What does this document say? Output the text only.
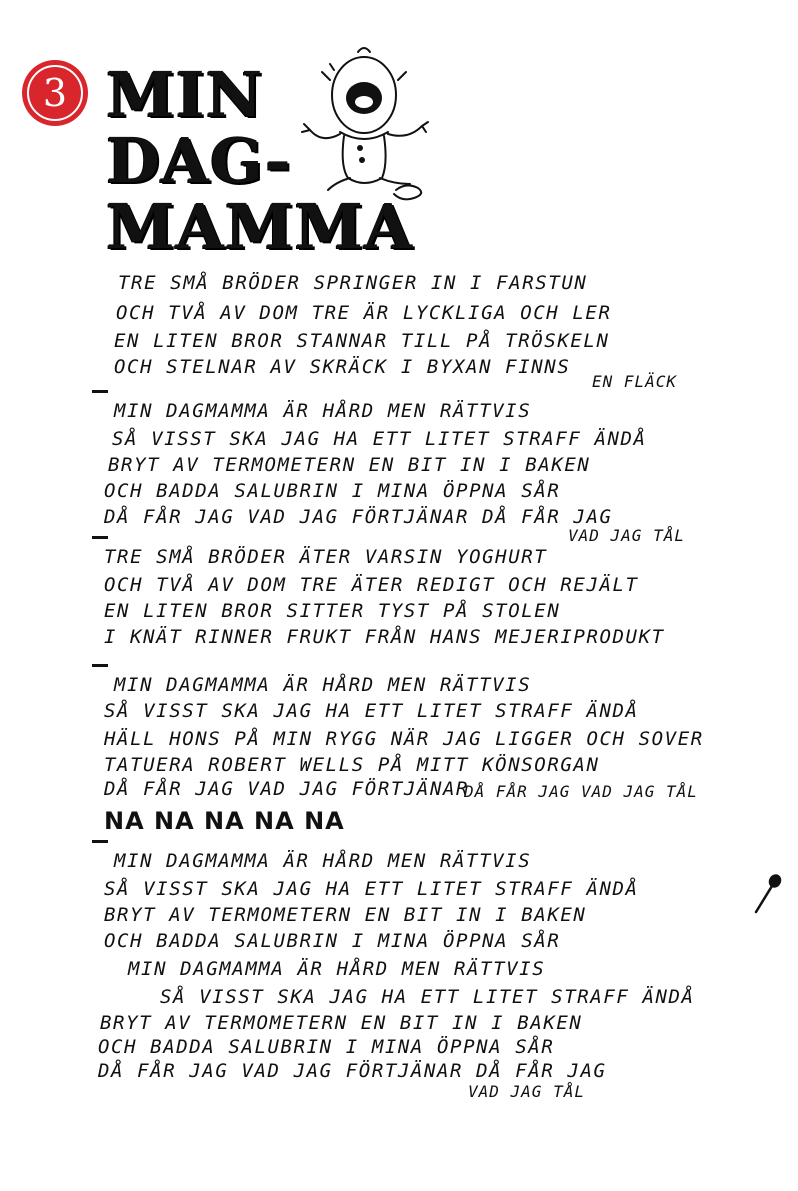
3 MIN
DAG-
MAMMA
TRE SMÅ BRÖDER SPRINGER IN I FARSTUN
OCH TVÅ AV DOM TRE ÄR LYCKLIGA OCH LER
EN LITEN BROR STANNAR TILL PÅ TRÖSKELN
OCH STELNAR AV SKRÄCK I BYXAN FINNS
EN FLÄCK
MIN DAGMAMMA ÄR HÅRD MEN RÄTTVIS
SÅ VISST SKA JAG HA ETT LITET STRAFF ÄNDÅ
BRYT AV TERMOMETERN EN BIT IN I BAKEN
OCH BADDA SALUBRIN I MINA ÖPPNA SÅR
DÅ FÅR JAG VAD JAG FÖRTJÄNAR DÅ FÅR JAG
VAD JAG TÅL
TRE SMÅ BRÖDER ÄTER VARSIN YOGHURT
OCH TVÅ AV DOM TRE ÄTER REDIGT OCH REJÄLT
EN LITEN BROR SITTER TYST PÅ STOLEN
I KNÄT RINNER FRUKT FRÅN HANS MEJERIPRODUKT
MIN DAGMAMMA ÄR HÅRD MEN RÄTTVIS
SÅ VISST SKA JAG HA ETT LITET STRAFF ÄNDÅ
HÄLL HONS PÅ MIN RYGG NÄR JAG LIGGER OCH SOVER
TATUERA ROBERT WELLS PÅ MITT KÖNSORGAN
DÅ FÅR JAG VAD JAG FÖRTJÄNAR
DÅ FÅR JAG VAD JAG TÅL
NA NA NA NA NA
MIN DAGMAMMA ÄR HÅRD MEN RÄTTVIS
SÅ VISST SKA JAG HA ETT LITET STRAFF ÄNDÅ
BRYT AV TERMOMETERN EN BIT IN I BAKEN
OCH BADDA SALUBRIN I MINA ÖPPNA SÅR
MIN DAGMAMMA ÄR HÅRD MEN RÄTTVIS
SÅ VISST SKA JAG HA ETT LITET STRAFF ÄNDÅ
BRYT AV TERMOMETERN EN BIT IN I BAKEN
OCH BADDA SALUBRIN I MINA ÖPPNA SÅR
DÅ FÅR JAG VAD JAG FÖRTJÄNAR DÅ FÅR JAG
VAD JAG TÅL
